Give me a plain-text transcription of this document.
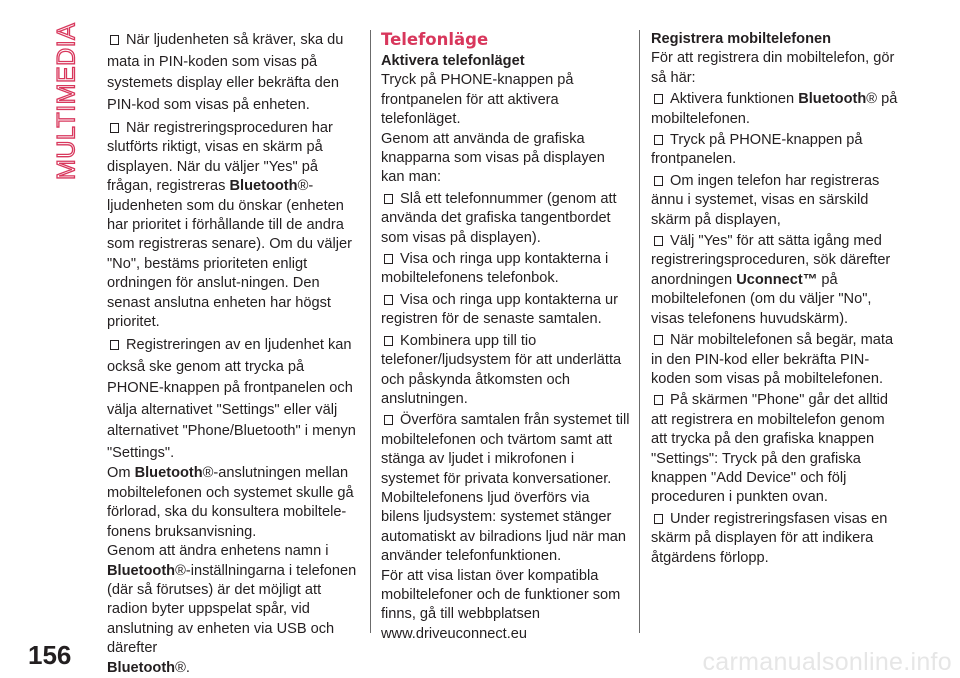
MULTIMEDIA
156

När ljudenheten så kräver, ska du mata in PIN-koden som visas på systemets display eller bekräfta den PIN-kod som visas på enheten.

När registreringsproceduren har slutförts riktigt, visas en skärm på displayen. När du väljer "Yes" på frågan, registreras Bluetooth®-ljudenheten som du önskar (enheten har prioritet i förhållande till de andra som registreras senare). Om du väljer "No", bestäms prioriteten enligt ordningen för anslut-ningen. Den senast anslutna enheten har högst prioritet.

Registreringen av en ljudenhet kan också ske genom att trycka på PHONE-knappen på frontpanelen och välja alternativet "Settings" eller välj alternativet "Phone/Bluetooth" i menyn "Settings".

Om Bluetooth®-anslutningen mellan mobiltelefonen och systemet skulle gå förlorad, ska du konsultera mobiltele-fonens bruksanvisning.

Genom att ändra enhetens namn i

Bluetooth®-inställningarna i telefonen (där så förutses) är det möjligt att radion byter uppspelat spår, vid anslutning av enheten via USB och därefter

Bluetooth®.

Telefonläge

Aktivera telefonläget

Tryck på PHONE-knappen på frontpanelen för att aktivera telefonläget.

Genom att använda de grafiska knapparna som visas på displayen kan man:

Slå ett telefonnummer (genom att använda det grafiska tangentbordet som visas på displayen).

Visa och ringa upp kontakterna i mobiltelefonens telefonbok.

Visa och ringa upp kontakterna ur registren för de senaste samtalen.

Kombinera upp till tio telefoner/ljudsystem för att underlätta och påskynda åtkomsten och anslutningen.

Överföra samtalen från systemet till mobiltelefonen och tvärtom samt att stänga av ljudet i mikrofonen i systemet för privata konversationer.

Mobiltelefonens ljud överförs via bilens ljudsystem: systemet stänger automatiskt av bilradions ljud när man använder telefonfunktionen.

För att visa listan över kompatibla mobiltelefoner och de funktioner som finns, gå till webbplatsen www.driveuconnect.eu

Registrera mobiltelefonen

För att registrera din mobiltelefon, gör så här:

Aktivera funktionen Bluetooth® på mobiltelefonen.

Tryck på PHONE-knappen på frontpanelen.

Om ingen telefon har registreras ännu i systemet, visas en särskild skärm på displayen,

Välj "Yes" för att sätta igång med registreringsproceduren, sök därefter anordningen Uconnect™ på mobiltelefonen (om du väljer "No", visas telefonens huvudskärm).

När mobiltelefonen så begär, mata in den PIN-kod eller bekräfta PIN-koden som visas på mobiltelefonen.

På skärmen "Phone" går det alltid att registrera en mobiltelefon genom att trycka på den grafiska knappen "Settings": Tryck på den grafiska knappen "Add Device" och följ proceduren i punkten ovan.

Under registreringsfasen visas en skärm på displayen för att indikera åtgärdens förlopp.

carmanualsonline.info
